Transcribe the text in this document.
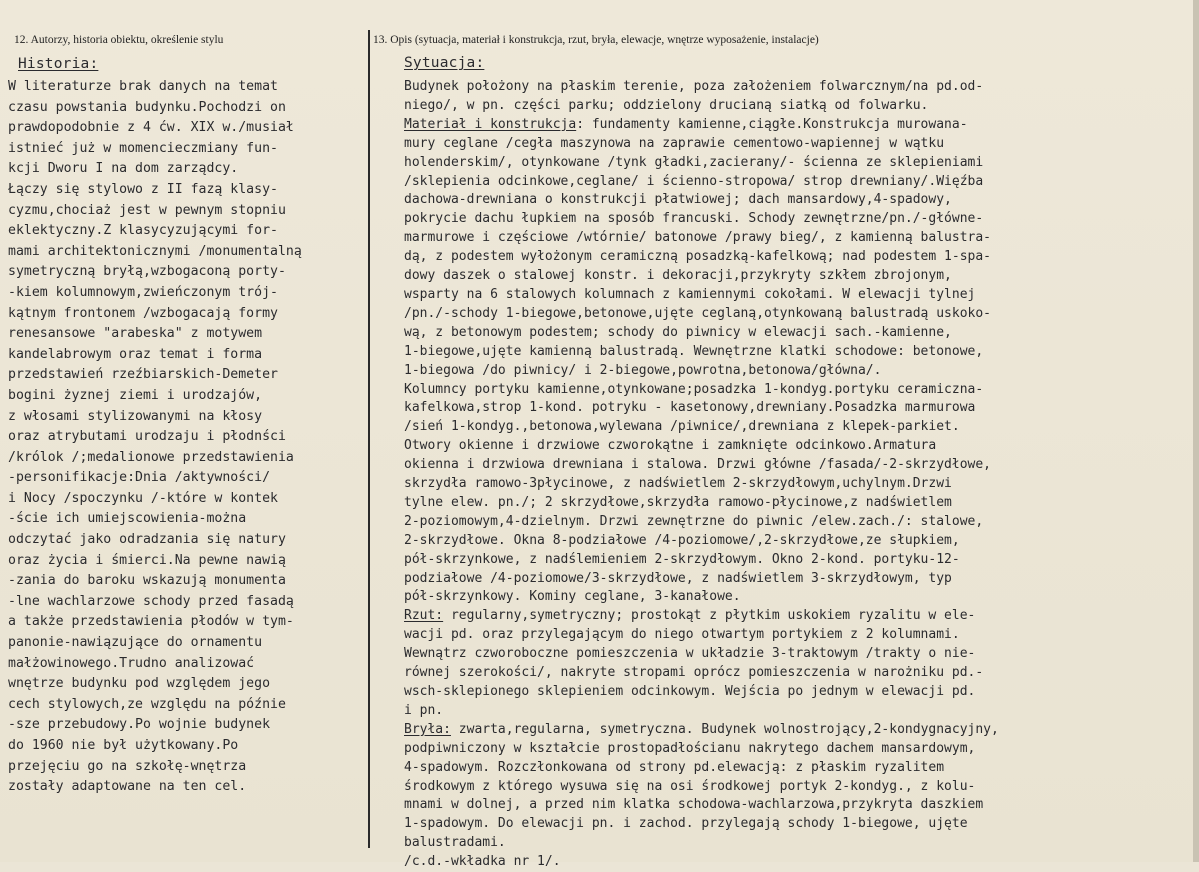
12. Autorzy, historia obiektu, określenie stylu	13. Opis (sytuacja, materiał i konstrukcja, rzut, bryła, elewacje, wnętrze wyposażenie, instalacje)
Historia:
W literaturze brak danych na temat
czasu powstania budynku.Pochodzi on
prawdopodobnie z 4 ćw. XIX w./musiał
istnieć już w momencieczmiany fun-
kcji Dworu I na dom zarządcy.
Łączy się stylowo z II fazą klasy-
cyzmu,chociaż jest w pewnym stopniu
eklektyczny.Z klasycyzującymi for-
mami architektonicznymi /monumentalną
symetryczną bryłą,wzbogaconą porty-
-kiem kolumnowym,zwieńczonym trój-
kątnym frontonem /wzbogacają formy
renesansowe "arabeska" z motywem
kandelabrowym oraz temat i forma
przedstawień rzeźbiarskich-Demeter
bogini żyznej ziemi i urodzajów,
z włosami stylizowanymi na kłosy
oraz atrybutami urodzaju i płodnści
/królok /;medalionowe przedstawienia
-personifikacje:Dnia /aktywności/
i Nocy /spoczynku /-które w kontek
-ście ich umiejscowienia-można
odczytać jako odradzania się natury
oraz życia i śmierci.Na pewne nawią
-zania do baroku wskazują monumenta
-lne wachlarzowe schody przed fasadą
a także przedstawienia płodów w tym-
panonie-nawiązujące do ornamentu
małżowinowego.Trudno analizować
wnętrze budynku pod względem jego
cech stylowych,ze względu na późnie
-sze przebudowy.Po wojnie budynek
do 1960 nie był użytkowany.Po
przejęciu go na szkołę-wnętrza
zostały adaptowane na ten cel.
Sytuacja:
Budynek położony na płaskim terenie, poza założeniem folwarcznym/na pd.od-
niego/, w pn. części parku; oddzielony drucianą siatką od folwarku.
Materiał i konstrukcja: fundamenty kamienne,ciągłe.Konstrukcja murowana-
mury ceglane /cegła maszynowa na zaprawie cementowo-wapiennej w wątku
holenderskim/, otynkowane /tynk gładki,zacierany/- ścienna ze sklepieniami
/sklepienia odcinkowe,ceglane/ i ścienno-stropowa/ strop drewniany/.Więźba
dachowa-drewniana o konstrukcji płatwiowej; dach mansardowy,4-spadowy,
pokrycie dachu łupkiem na sposób francuski. Schody zewnętrzne/pn./-główne-
marmurowe i częściowe /wtórnie/ batonowe /prawy bieg/, z kamienną balustra-
dą, z podestem wyłożonym ceramiczną posadzką-kafelkową; nad podestem 1-spa-
dowy daszek o stalowej konstr. i dekoracji,przykryty szkłem zbrojonym,
wsparty na 6 stalowych kolumnach z kamiennymi cokołami. W elewacji tylnej
/pn./-schody 1-biegowe,betonowe,ujęte ceglaną,otynkowaną balustradą uskoko-
wą, z betonowym podestem; schody do piwnicy w elewacji sach.-kamienne,
1-biegowe,ujęte kamienną balustradą. Wewnętrzne klatki schodowe: betonowe,
1-biegowa /do piwnicy/ i 2-biegowe,powrotna,betonowa/główna/.
Kolumncy portyku kamienne,otynkowane;posadzka 1-kondyg.portyku ceramiczna-
kafelkowa,strop 1-kond. potryku - kasetonowy,drewniany.Posadzka marmurowa
/sień 1-kondyg.,betonowa,wylewana /piwnice/,drewniana z klepek-parkiet.
Otwory okienne i drzwiowe czworokątne i zamknięte odcinkowo.Armatura
okienna i drzwiowa drewniana i stalowa. Drzwi główne /fasada/-2-skrzydłowe,
skrzydła ramowo-3płycinowe, z nadświetlem 2-skrzydłowym,uchylnym.Drzwi
tylne elew. pn./; 2 skrzydłowe,skrzydła ramowo-płycinowe,z nadświetlem
2-poziomowym,4-dzielnym. Drzwi zewnętrzne do piwnic /elew.zach./: stalowe,
2-skrzydłowe. Okna 8-podziałowe /4-poziomowe/,2-skrzydłowe,ze słupkiem,
pół-skrzynkowe, z nadślemieniem 2-skrzydłowym. Okno 2-kond. portyku-12-
podziałowe /4-poziomowe/3-skrzydłowe, z nadświetlem 3-skrzydłowym, typ
pół-skrzynkowy. Kominy ceglane, 3-kanałowe.
Rzut: regularny,symetryczny; prostokąt z płytkim uskokiem ryzalitu w ele-
wacji pd. oraz przylegającym do niego otwartym portykiem z 2 kolumnami.
Wewnątrz czworoboczne pomieszczenia w układzie 3-traktowym /trakty o nie-
równej szerokości/, nakryte stropami oprócz pomieszczenia w narożniku pd.-
wsch-sklepionego sklepieniem odcinkowym. Wejścia po jednym w elewacji pd.
i pn.
Bryła: zwarta,regularna, symetryczna. Budynek wolnostrojący,2-kondygnacyjny,
podpiwniczony w kształcie prostopadłościanu nakrytego dachem mansardowym,
4-spadowym. Rozczłonkowana od strony pd.elewacją: z płaskim ryzalitem
środkowym z którego wysuwa się na osi środkowej portyk 2-kondyg., z kolu-
mnami w dolnej, a przed nim klatka schodowa-wachlarzowa,przykryta daszkiem
1-spadowym. Do elewacji pn. i zachod. przylegają schody 1-biegowe, ujęte
balustradami.
/c.d.-wkładka nr 1/.
